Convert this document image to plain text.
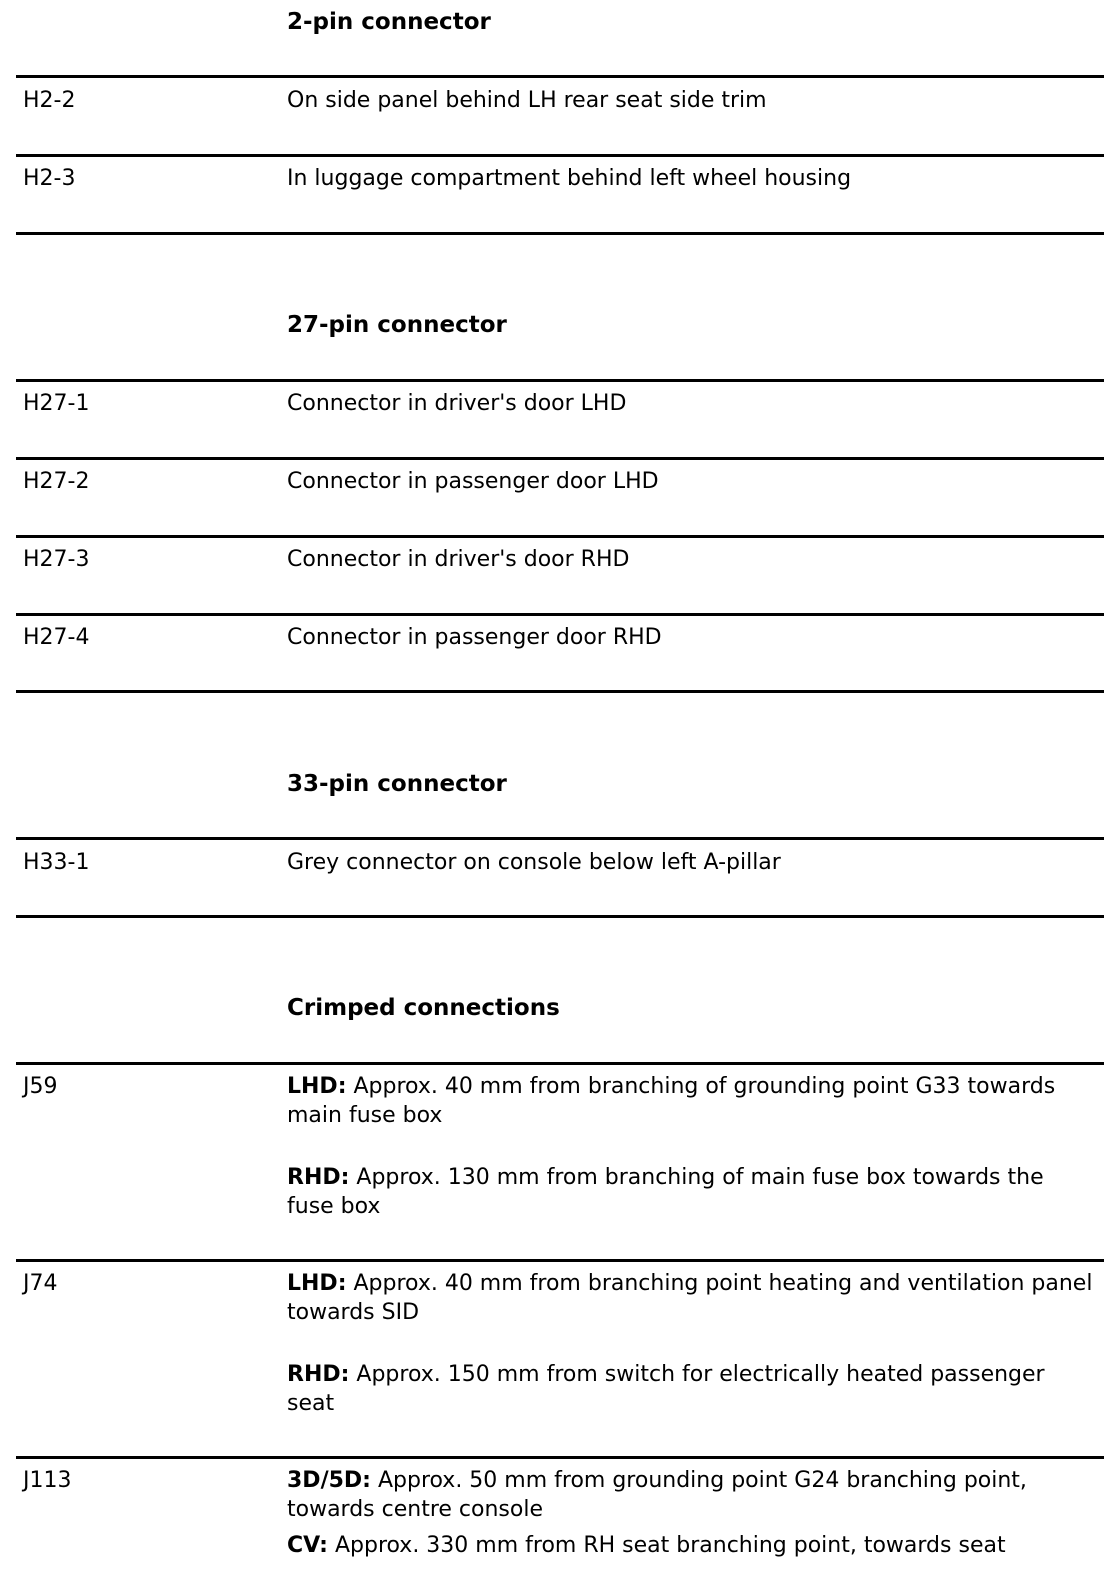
2-pin connector
H2-2	On side panel behind LH rear seat side trim
H2-3	In luggage compartment behind left wheel housing
27-pin connector
H27-1	Connector in driver's door LHD
H27-2	Connector in passenger door LHD
H27-3	Connector in driver's door RHD
H27-4	Connector in passenger door RHD
33-pin connector
H33-1	Grey connector on console below left A-pillar
Crimped connections
J59	LHD: Approx. 40 mm from branching of grounding point G33 towards main fuse box
RHD: Approx. 130 mm from branching of main fuse box towards the fuse box
J74	LHD: Approx. 40 mm from branching point heating and ventilation panel towards SID
RHD: Approx. 150 mm from switch for electrically heated passenger seat
J113	3D/5D: Approx. 50 mm from grounding point G24 branching point, towards centre console
CV: Approx. 330 mm from RH seat branching point, towards seat
